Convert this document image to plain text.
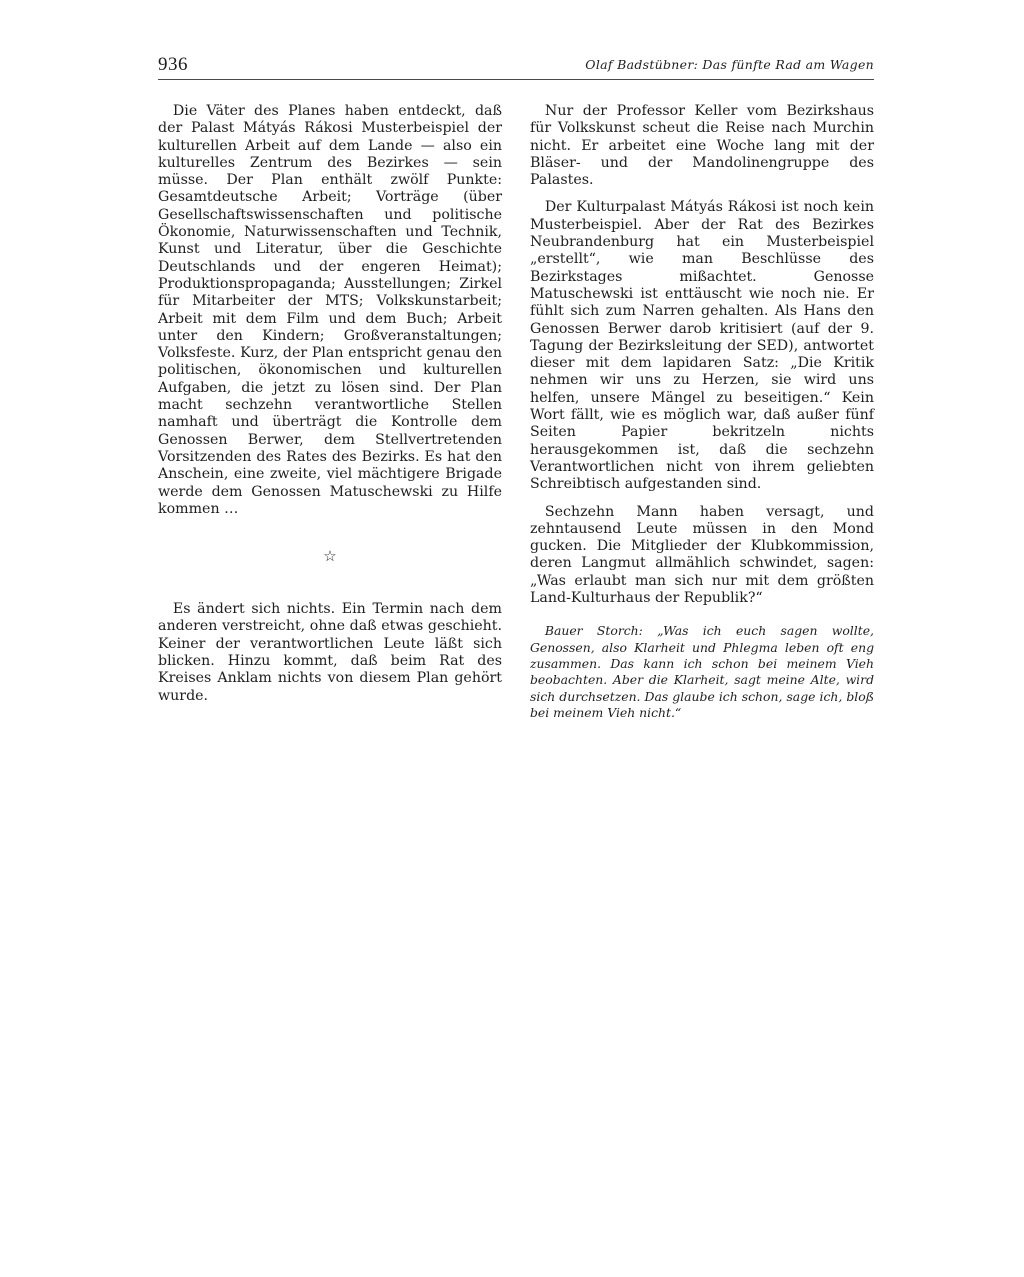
936	Olaf Badstübner: Das fünfte Rad am Wagen

Die Väter des Planes haben entdeckt, daß der Palast Mátyás Rákosi Musterbeispiel der kulturellen Arbeit auf dem Lande — also ein kulturelles Zentrum des Bezirkes — sein müsse. Der Plan enthält zwölf Punkte: Gesamtdeutsche Arbeit; Vorträge (über Gesellschaftswissenschaften und politische Ökonomie, Naturwissenschaften und Technik, Kunst und Literatur, über die Geschichte Deutschlands und der engeren Heimat); Produktionspropaganda; Ausstellungen; Zirkel für Mitarbeiter der MTS; Volkskunstarbeit; Arbeit mit dem Film und dem Buch; Arbeit unter den Kindern; Großveranstaltungen; Volksfeste. Kurz, der Plan entspricht genau den politischen, ökonomischen und kulturellen Aufgaben, die jetzt zu lösen sind. Der Plan macht sechzehn verantwortliche Stellen namhaft und überträgt die Kontrolle dem Genossen Berwer, dem Stellvertretenden Vorsitzenden des Rates des Bezirks. Es hat den Anschein, eine zweite, viel mächtigere Brigade werde dem Genossen Matuschewski zu Hilfe kommen …

☆

Es ändert sich nichts. Ein Termin nach dem anderen verstreicht, ohne daß etwas geschieht. Keiner der verantwortlichen Leute läßt sich blicken. Hinzu kommt, daß beim Rat des Kreises Anklam nichts von diesem Plan gehört wurde.

Nur der Professor Keller vom Bezirkshaus für Volkskunst scheut die Reise nach Murchin nicht. Er arbeitet eine Woche lang mit der Bläser- und der Mandolinengruppe des Palastes.

Der Kulturpalast Mátyás Rákosi ist noch kein Musterbeispiel. Aber der Rat des Bezirkes Neubrandenburg hat ein Musterbeispiel „erstellt“, wie man Beschlüsse des Bezirkstages mißachtet. Genosse Matuschewski ist enttäuscht wie noch nie. Er fühlt sich zum Narren gehalten. Als Hans den Genossen Berwer darob kritisiert (auf der 9. Tagung der Bezirksleitung der SED), antwortet dieser mit dem lapidaren Satz: „Die Kritik nehmen wir uns zu Herzen, sie wird uns helfen, unsere Mängel zu beseitigen.“ Kein Wort fällt, wie es möglich war, daß außer fünf Seiten Papier bekritzeln nichts herausgekommen ist, daß die sechzehn Verantwortlichen nicht von ihrem geliebten Schreibtisch aufgestanden sind.

Sechzehn Mann haben versagt, und zehntausend Leute müssen in den Mond gucken. Die Mitglieder der Klubkommission, deren Langmut allmählich schwindet, sagen: „Was erlaubt man sich nur mit dem größten Land-Kulturhaus der Republik?“

Bauer Storch: „Was ich euch sagen wollte, Genossen, also Klarheit und Phlegma leben oft eng zusammen. Das kann ich schon bei meinem Vieh beobachten. Aber die Klarheit, sagt meine Alte, wird sich durchsetzen. Das glaube ich schon, sage ich, bloß bei meinem Vieh nicht.“
